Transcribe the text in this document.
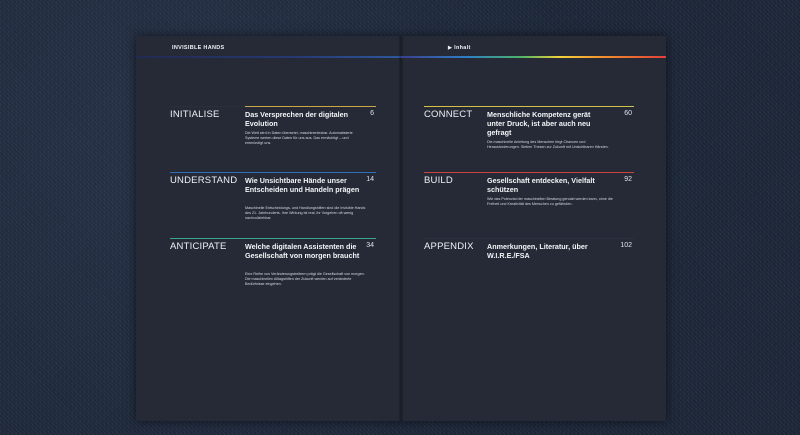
INVISIBLE HANDS
INITIALISE	Das Versprechen der digitalen Evolution
6
Die Welt wird in Daten übersetzt, maschinenlesbar. Automatisierte Systeme werten diese Daten für uns aus. Das ermächtigt – und entmündigt uns.
UNDERSTAND Wie Unsichtbare Hände unser Entscheiden und Handeln prägen
14
Maschinelle Entscheidungs- und Handlungshilfen sind die Invisible Hands des 21. Jahrhunderts. Ihre Wirkung ist real, ihr Vorgehen oft wenig nachvollziehbar.
ANTICIPATE	Welche digitalen Assistenten die Gesellschaft von morgen braucht
34
Eine Reihe von Veränderungstreibern prägt die Gesellschaft von morgen. Die maschinellen Alltagshilfen der Zukunft werden auf veränderte Bedürfnisse eingehen.
▶ Inhalt
CONNECT Menschliche Kompetenz gerät unter Druck, ist aber auch neu gefragt
60
Die maschinelle Anleitung des Menschen birgt Chancen und Herausforderungen. Sieben Thesen zur Zukunft mit Unsichtbaren Händen.
BUILD	Gesellschaft entdecken, Vielfalt schützen
92
Wie das Potenzial der maschinellen Beratung genutzt werden kann, ohne die Freiheit und Kreativität des Menschen zu gefährden.
APPENDIX Anmerkungen, Literatur, über W.I.R.E./FSA
102
